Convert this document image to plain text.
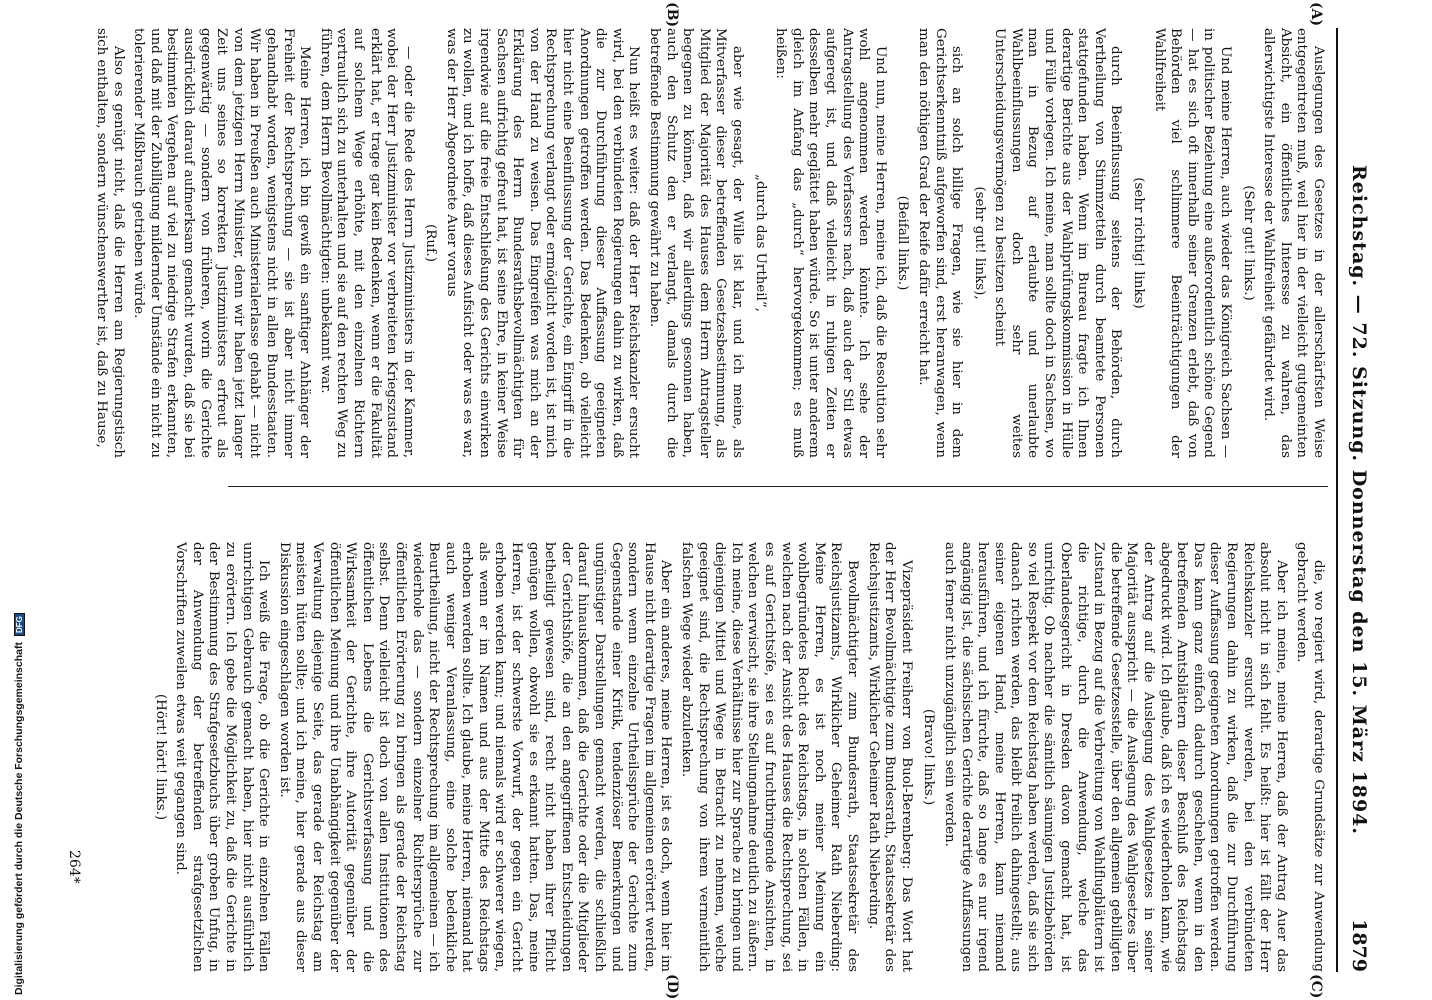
Digitalisierung gefördert durch die Deutsche ForschungsgemeinschaftDFG	Reichstag. — 72. Sitzung. Donnerstag den 15. März 1894.
1879
(A)
(B)
(C)
(D)

Auslegungen des Gesetzes in der allerschärfsten Weise entgegentreten muß, weil hier in der vielleicht gutgemeinten Absicht, ein öffentliches Interesse zu wahren, das allerwichtigste Interesse der Wahlfreiheit gefährdet wird.

(Sehr gut! links.)

Und meine Herren, auch wieder das Königreich Sachsen — in politischer Beziehung eine außerordentlich schöne Gegend — hat es sich oft innerhalb seiner Grenzen erlebt, daß von Behörden viel schlimmere Beeinträchtigungen der Wahlfreiheit

(sehr richtig! links)

durch Beeinflussung seitens der Behörden, durch Vertheilung von Stimmzetteln durch beamtete Personen stattgefunden haben. Wenn im Bureau fragte ich Ihnen derartige Berichte aus der Wahlprüfungskommission in Hülle und Fülle vorlegen. Ich meine, man sollte doch in Sachsen, wo man in Bezug auf erlaubte und unerlaubte Wahlbeeinflussungen doch sehr weites Unterscheidungsvermögen zu besitzen scheint

(sehr gut! links),

sich an solch billige Fragen, wie sie hier in dem Gerichtserkenntniß aufgeworfen sind, erst heranwagen, wenn man den nöthigen Grad der Reife dafür erreicht hat.

(Beifall links.)

Und nun, meine Herren, meine ich, daß die Resolution sehr wohl angenommen werden könnte. Ich sehe der Antragstellung des Verfassers nach, daß auch der Stil etwas aufgeregt ist, und daß vielleicht in ruhigen Zeiten er desselben mehr geglättet haben würde. So ist unter anderem gleich im Anfang das „durch“ hervorgekommen; es muß heißen:

„durch das Urtheil“,

aber wie gesagt, der Wille ist klar, und ich meine, als Mitverfasser dieser betreffenden Gesetzesbestimmung, als Mitglied der Majorität des Hauses dem Herrn Antragsteller begegnen zu können, daß wir allerdings gesonnen haben, auch den Schutz den er verlangt, damals durch die betreffende Bestimmung gewährt zu haben.

Nun heißt es weiter: daß der Herr Reichskanzler ersucht wird, bei den verbündeten Regierungen dahin zu wirken, daß die zur Durchführung dieser Auffassung geeigneten Anordnungen getroffen werden. Das Bedenken, ob vielleicht hier nicht eine Beeinflussung der Gerichte, ein Eingriff in die Rechtsprechung verlangt oder ermöglicht worden ist, ist mich von der Hand zu weisen. Das Eingreifen was mich an der Erklärung des Herrn Bundesrathsbevollmächtigten für Sachsen aufrichtig gefreut hat, ist seine Ehre, in keiner Weise irgendwie auf die freie Entschließung des Gerichts einwirken zu wollen, und ich hoffe, daß dieses Aufsicht oder was es war, was der Herr Abgeordnete Auer voraus

(Ruf.)

— oder die Rede des Herrn Justizministers in der Kammer, wobei der Herr Justizminister vor verbreiteten Kriegszustand erklärt hat, er trage gar kein Bedenken, wenn er die Fakultät auf solchem Wege erhöhte, mit den einzelnen Richtern vertraulich sich zu unterhalten und sie auf den rechten Weg zu führen, dem Herrn Bevollmächtigten: unbekannt war.

Meine Herren, ich bin gewiß ein sanftiger Anhänger der Freiheit der Rechtsprechung — sie ist aber nicht immer gehandhabt worden, wenigstens nicht in allen Bundesstaaten. Wir haben in Preußen auch Ministerialerlasse gehabt — nicht von dem jetzigen Herrn Minister, denn wir haben jetzt langer Zeit uns seines so korrekten Justizministers erfreut als gegenwärtig — sondern von früheren, worin die Gerichte ausdrücklich darauf aufmerksam gemacht wurden, daß sie bei bestimmten Vergehen auf viel zu niedrige Strafen erkannten, und daß mit der Zubilligung mildernder Umstände ein nicht zu tolerierender Mißbrauch getrieben würde.

Also es genügt nicht, daß die Herren am Regierungstisch sich enthalten, sondern wünschenswerther ist, daß zu Hause,

die, wo regiert wird, derartige Grundsätze zur Anwendung gebracht werden.

Aber ich meine, meine Herren, daß der Antrag Auer das absolut nicht in sich fehlt. Es heißt: hier ist fällt der Herr Reichskanzler ersucht werden, bei den verbündeten Regierungen dahin zu wirken, daß die zur Durchführung dieser Auffassung geeigneten Anordnungen getroffen werden. Das kann ganz einfach dadurch geschehen, wenn in den betreffenden Amtsblättern dieser Beschluß des Reichstags abgedruckt wird. Ich glaube, daß ich es wiederholen kann, wie der Antrag auf die Auslegung des Wahlgesetzes in seiner Majorität ausspricht — die Auslegung des Wahlgesetzes über die betreffende Gesetzesstelle, über den allgemein gebilligten Zustand in Bezug auf die Verbreitung von Wahlflugblättern ist die richtige, durch die Anwendung, welche das Oberlandesgericht in Dresden davon gemacht hat, ist unrichtig. Ob nachher die sämtlich säumigen Justizbehörden so viel Respekt vor dem Reichstag haben werden, daß sie sich danach richten werden, das bleibt freilich dahingestellt; aus seiner eigenen Hand, meine Herren, kann niemand herausführen, und ich fürchte, daß so lange es nur irgend angängig ist, die sächsischen Gerichte derartige Auffassungen auch ferner nicht unzugänglich sein werden.

(Bravo! links.)

Vizepräsident Freiherr von Buol-Berenberg: Das Wort hat der Herr Bevollmächtigte zum Bundesrath, Staatssekretär des Reichsjustizamts, Wirklicher Geheimer Rath Nieberding.

Bevollmächtigter zum Bundesrath, Staatssekretär des Reichsjustizamts, Wirklicher Geheimer Rath Nieberding: Meine Herren, es ist noch meiner Meinung ein wohlbegründetes Recht des Reichstags, in solchen Fällen, in welchen nach der Ansicht des Hauses die Rechtsprechung, sei es auf Gerichtsöfe, sei es auf fruchtbringende Ansichten, in welchen verwischt, sie ihre Stellungnahme deutlich zu äußern. Ich meine, diese Verhältnisse hier zur Sprache zu bringen und diejenigen Mittel und Wege in Betracht zu nehmen, welche geeignet sind, die Rechtsprechung von ihrem vermeintlich falschen Wege wieder abzulenken.

Aber ein anderes, meine Herren, ist es doch, wenn hier im Hause nicht derartige Fragen im allgemeinen erörtert werden, sondern wenn einzelne Urtheilssprüche der Gerichte zum Gegenstande einer Kritik, tendenziöser Bemerkungen und ungünstiger Darstellungen gemacht werden, die schließlich darauf hinauskommen, daß die Gerichte oder die Mitglieder der Gerichtshöfe, die an den angegriffenen Entscheidungen betheiligt gewesen sind, recht nicht haben ihrer Pflicht genügen wollen, obwohl sie es erkannt hatten. Das, meine Herren, ist der schwerste Vorwurf, der gegen ein Gericht erhoben werden kann; und niemals wird er schwerer wiegen, als wenn er im Namen und aus der Mitte des Reichstags erhoben werden sollte. Ich glaube, meine Herren, niemand hat auch weniger Veranlassung, eine solche bedenkliche Beurtheilung, nicht der Rechtsprechung im allgemeinen — ich wiederhole das — sondern einzelner Richtersprüche zur öffentlichen Erörterung zu bringen als gerade der Reichstag selbst. Denn vielleicht ist doch von allen Institutionen des öffentlichen Lebens die Gerichtsverfassung und die Wirksamkeit der Gerichte, ihre Autorität gegenüber der öffentlichen Meinung und ihre Unabhängigkeit gegenüber der Verwaltung diejenige Seite, das gerade der Reichstag am meisten hüten sollte; und ich meine, hier gerade aus dieser Diskussion eingeschlagen worden ist.

Ich weiß die Frage, ob die Gerichte in einzelnen Fällen unrichtigen Gebrauch gemacht haben, hier nicht ausführlich zu erörtern. Ich gebe die Möglichkeit zu, daß die Gerichte in der Bestimmung des Strafgesetzbuchs über groben Unfug, in der Anwendung der betreffenden strafgesetzlichen Vorschriften zuweilen etwas weit gegangen sind.

(Hört! hört! links.)

264*
